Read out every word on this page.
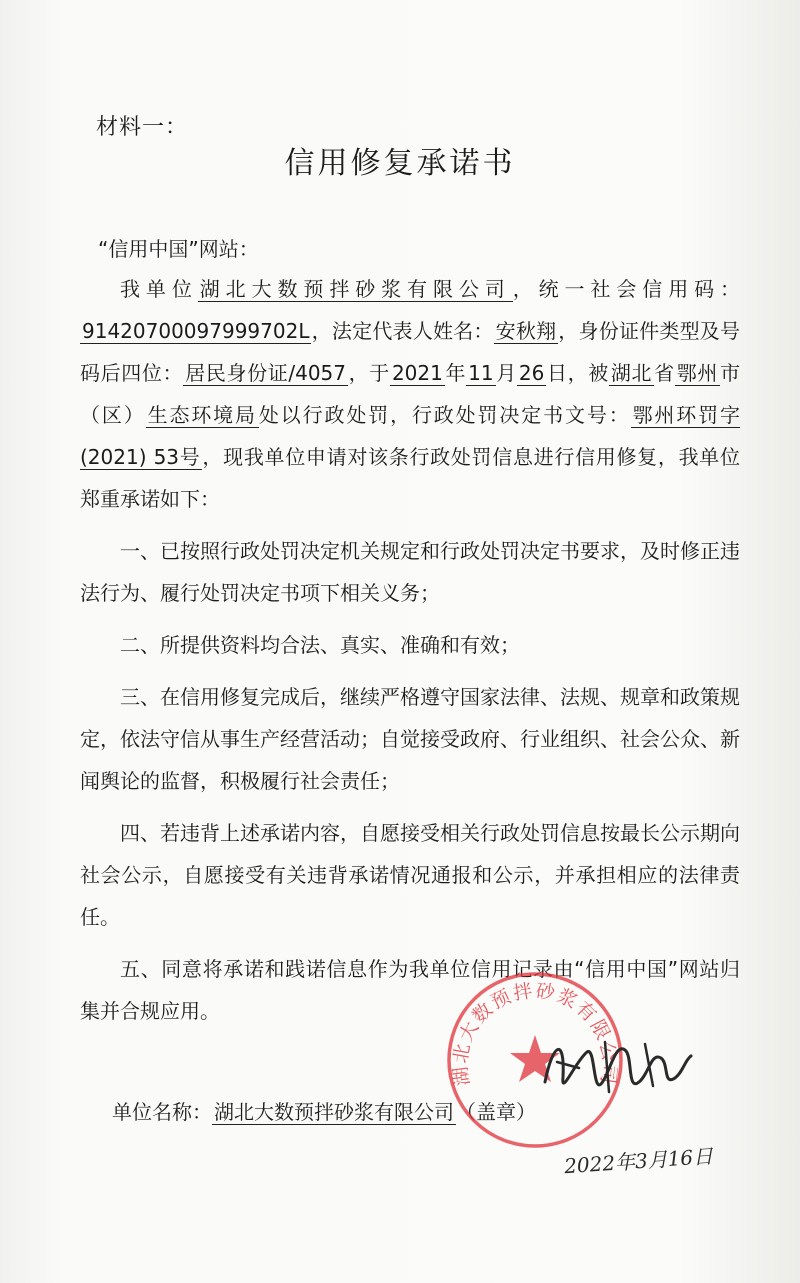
材料一：
信用修复承诺书
“信用中国”网站：

我单位 湖北大数预拌砂浆有限公司 ，统一社会信用码：91420700097999702L ，法定代表人姓名： 安秋翔 ，身份证件类型及号码后四位： 居民身份证/4057 ，于 2021 年 11 月 26 日，被 湖北 省 鄂州 市（区） 生态环境局 处以行政处罚，行政处罚决定书文号： 鄂州环罚字(2021) 53号 ，现我单位申请对该条行政处罚信息进行信用修复，我单位郑重承诺如下：

一、已按照行政处罚决定机关规定和行政处罚决定书要求，及时修正违法行为、履行处罚决定书项下相关义务；

二、所提供资料均合法、真实、准确和有效；

三、在信用修复完成后，继续严格遵守国家法律、法规、规章和政策规定，依法守信从事生产经营活动；自觉接受政府、行业组织、社会公众、新闻舆论的监督，积极履行社会责任；

四、若违背上述承诺内容，自愿接受相关行政处罚信息按最长公示期向社会公示，自愿接受有关违背承诺情况通报和公示，并承担相应的法律责任。

五、同意将承诺和践诺信息作为我单位信用记录由“信用中国”网站归集并合规应用。

单位名称： 湖北大数预拌砂浆有限公司 （盖章）
湖北大数预拌砂浆有限公司
2022年3月16日
